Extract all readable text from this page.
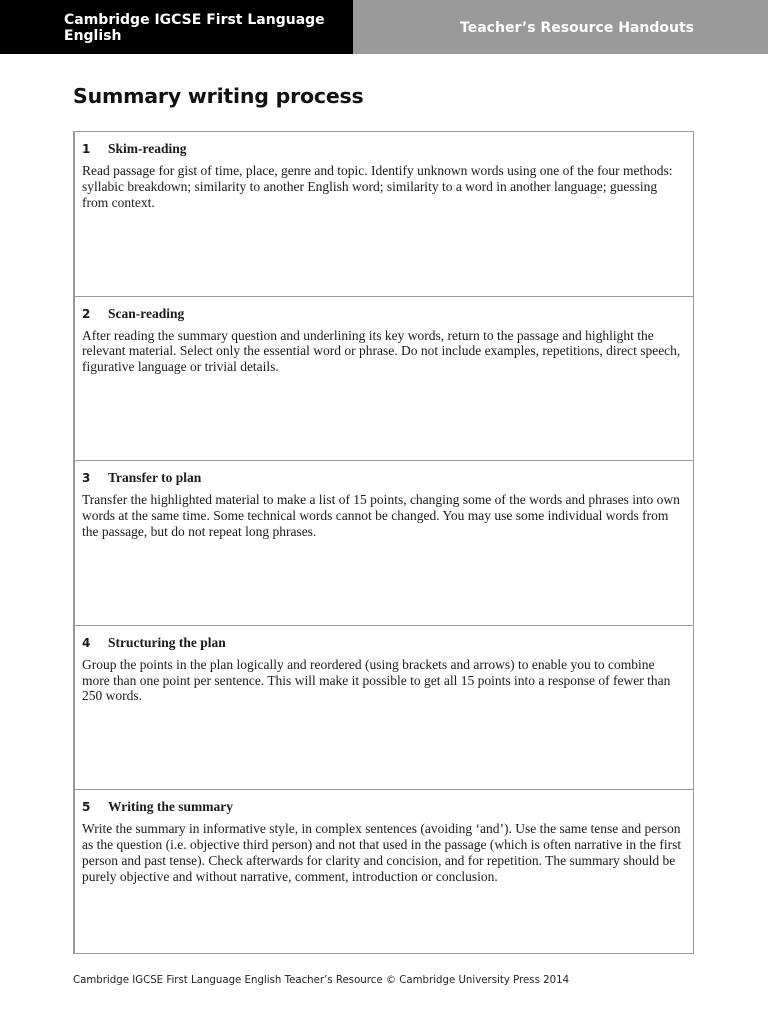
Cambridge IGCSE First Language English	Teacher’s Resource Handouts
Summary writing process
1	Skim-reading

Read passage for gist of time, place, genre and topic. Identify unknown words using one of the four methods: syllabic breakdown; similarity to another English word; similarity to a word in another language; guessing from context.

2	Scan-reading

After reading the summary question and underlining its key words, return to the passage and highlight the relevant material. Select only the essential word or phrase. Do not include examples, repetitions, direct speech, figurative language or trivial details.

3	Transfer to plan

Transfer the highlighted material to make a list of 15 points, changing some of the words and phrases into own words at the same time. Some technical words cannot be changed. You may use some individual words from the passage, but do not repeat long phrases.

4	Structuring the plan

Group the points in the plan logically and reordered (using brackets and arrows) to enable you to combine more than one point per sentence. This will make it possible to get all 15 points into a response of fewer than 250 words.

5	Writing the summary

Write the summary in informative style, in complex sentences (avoiding ‘and’). Use the same tense and person as the question (i.e. objective third person) and not that used in the passage (which is often narrative in the first person and past tense). Check afterwards for clarity and concision, and for repetition. The summary should be purely objective and without narrative, comment, introduction or conclusion.

Cambridge IGCSE First Language English Teacher’s Resource © Cambridge University Press 2014
